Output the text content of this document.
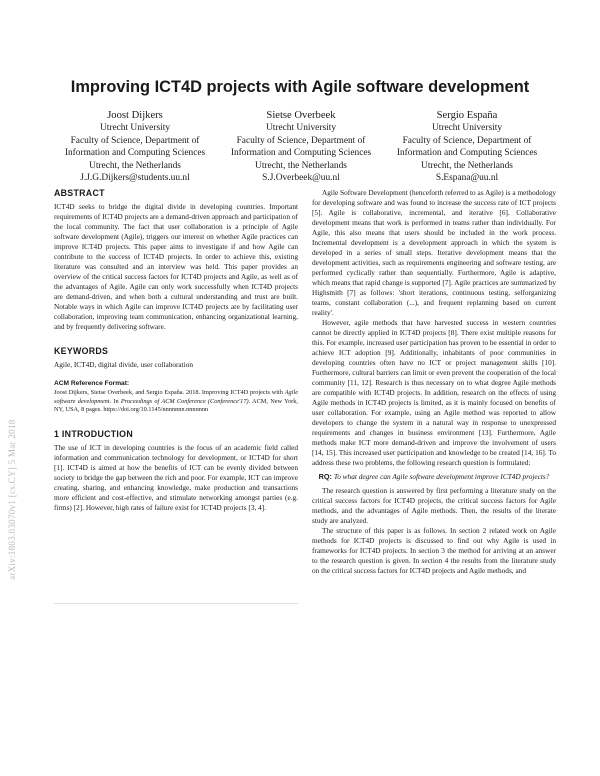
arXiv:1803.03070v1 [cs.CY] 5 Mar 2018
Improving ICT4D projects with Agile software development
Joost Dijkers
Utrecht University
Faculty of Science, Department of
Information and Computing Sciences
Utrecht, the Netherlands
J.J.G.Dijkers@students.uu.nl
Sietse Overbeek
Utrecht University
Faculty of Science, Department of
Information and Computing Sciences
Utrecht, the Netherlands
S.J.Overbeek@uu.nl
Sergio España
Utrecht University
Faculty of Science, Department of
Information and Computing Sciences
Utrecht, the Netherlands
S.Espana@uu.nl
ABSTRACT

ICT4D seeks to bridge the digital divide in developing countries. Important requirements of ICT4D projects are a demand-driven approach and participation of the local community. The fact that user collaboration is a principle of Agile software development (Agile), triggers our interest on whether Agile practices can improve ICT4D projects. This paper aims to investigate if and how Agile can contribute to the success of ICT4D projects. In order to achieve this, existing literature was consulted and an interview was held. This paper provides an overview of the critical success factors for ICT4D projects and Agile, as well as of the advantages of Agile. Agile can only work successfully when ICT4D projects are demand-driven, and when both a cultural understanding and trust are built. Notable ways in which Agile can improve ICT4D projects are by facilitating user collaboration, improving team communication, enhancing organizational learning, and by frequently delivering software.

KEYWORDS

Agile, ICT4D, digital divide, user collaboration

ACM Reference Format:

Joost Dijkers, Sietse Overbeek, and Sergio España. 2018. Improving ICT4D projects with Agile software development. In Proceedings of ACM Conference (Conference'17). ACM, New York, NY, USA, 8 pages. https://doi.org/10.1145/nnnnnnn.nnnnnnn

1 INTRODUCTION

The use of ICT in developing countries is the focus of an academic field called information and communication technology for development, or ICT4D for short [1]. ICT4D is aimed at how the benefits of ICT can be evenly divided between society to bridge the gap between the rich and poor. For example, ICT can improve creating, sharing, and enhancing knowledge, make production and transactions more efficient and cost-effective, and stimulate networking amongst parties (e.g. firms) [2]. However, high rates of failure exist for ICT4D projects [3, 4].

Agile Software Development (henceforth referred to as Agile) is a methodology for developing software and was found to increase the success rate of ICT projects [5]. Agile is collaborative, incremental, and iterative [6]. Collaborative development means that work is performed in teams rather than individually. For Agile, this also means that users should be included in the work process. Incremental development is a development approach in which the system is developed in a series of small steps. Iterative development means that the development activities, such as requirements engineering and software testing, are performed cyclically rather than sequentially. Furthermore, Agile is adaptive, which means that rapid change is supported [7]. Agile practices are summarized by Highsmith [7] as follows: 'short iterations, continuous testing, selforganizing teams, constant collaboration (...), and frequent replanning based on current reality'.

However, agile methods that have harvested success in western countries cannot be directly applied in ICT4D projects [8]. There exist multiple reasons for this. For example, increased user participation has proven to be essential in order to achieve ICT adoption [9]. Additionally, inhabitants of poor communities in developing countries often have no ICT or project management skills [10]. Furthermore, cultural barriers can limit or even prevent the cooperation of the local community [11, 12]. Research is thus necessary on to what degree Agile methods are compatible with ICT4D projects. In addition, research on the effects of using Agile methods in ICT4D projects is limited, as it is mainly focused on benefits of user collaboration. For example, using an Agile method was reported to allow developers to change the system in a natural way in response to unexpressed requirements and changes in business environment [13]. Furthermore, Agile methods make ICT more demand-driven and improve the involvement of users [14, 15]. This increased user participation and knowledge to be created [14, 16]. To address these two problems, the following research question is formulated:

RQ: To what degree can Agile software development improve ICT4D projects?

The research question is answered by first performing a literature study on the critical success factors for ICT4D projects, the critical success factors for Agile methods, and the advantages of Agile methods. Then, the results of the literate study are analyzed.

The structure of this paper is as follows. In section 2 related work on Agile methods for ICT4D projects is discussed to find out why Agile is used in frameworks for ICT4D projects. In section 3 the method for arriving at an answer to the research question is given. In section 4 the results from the literature study on the critical success factors for ICT4D projects and Agile methods, and
